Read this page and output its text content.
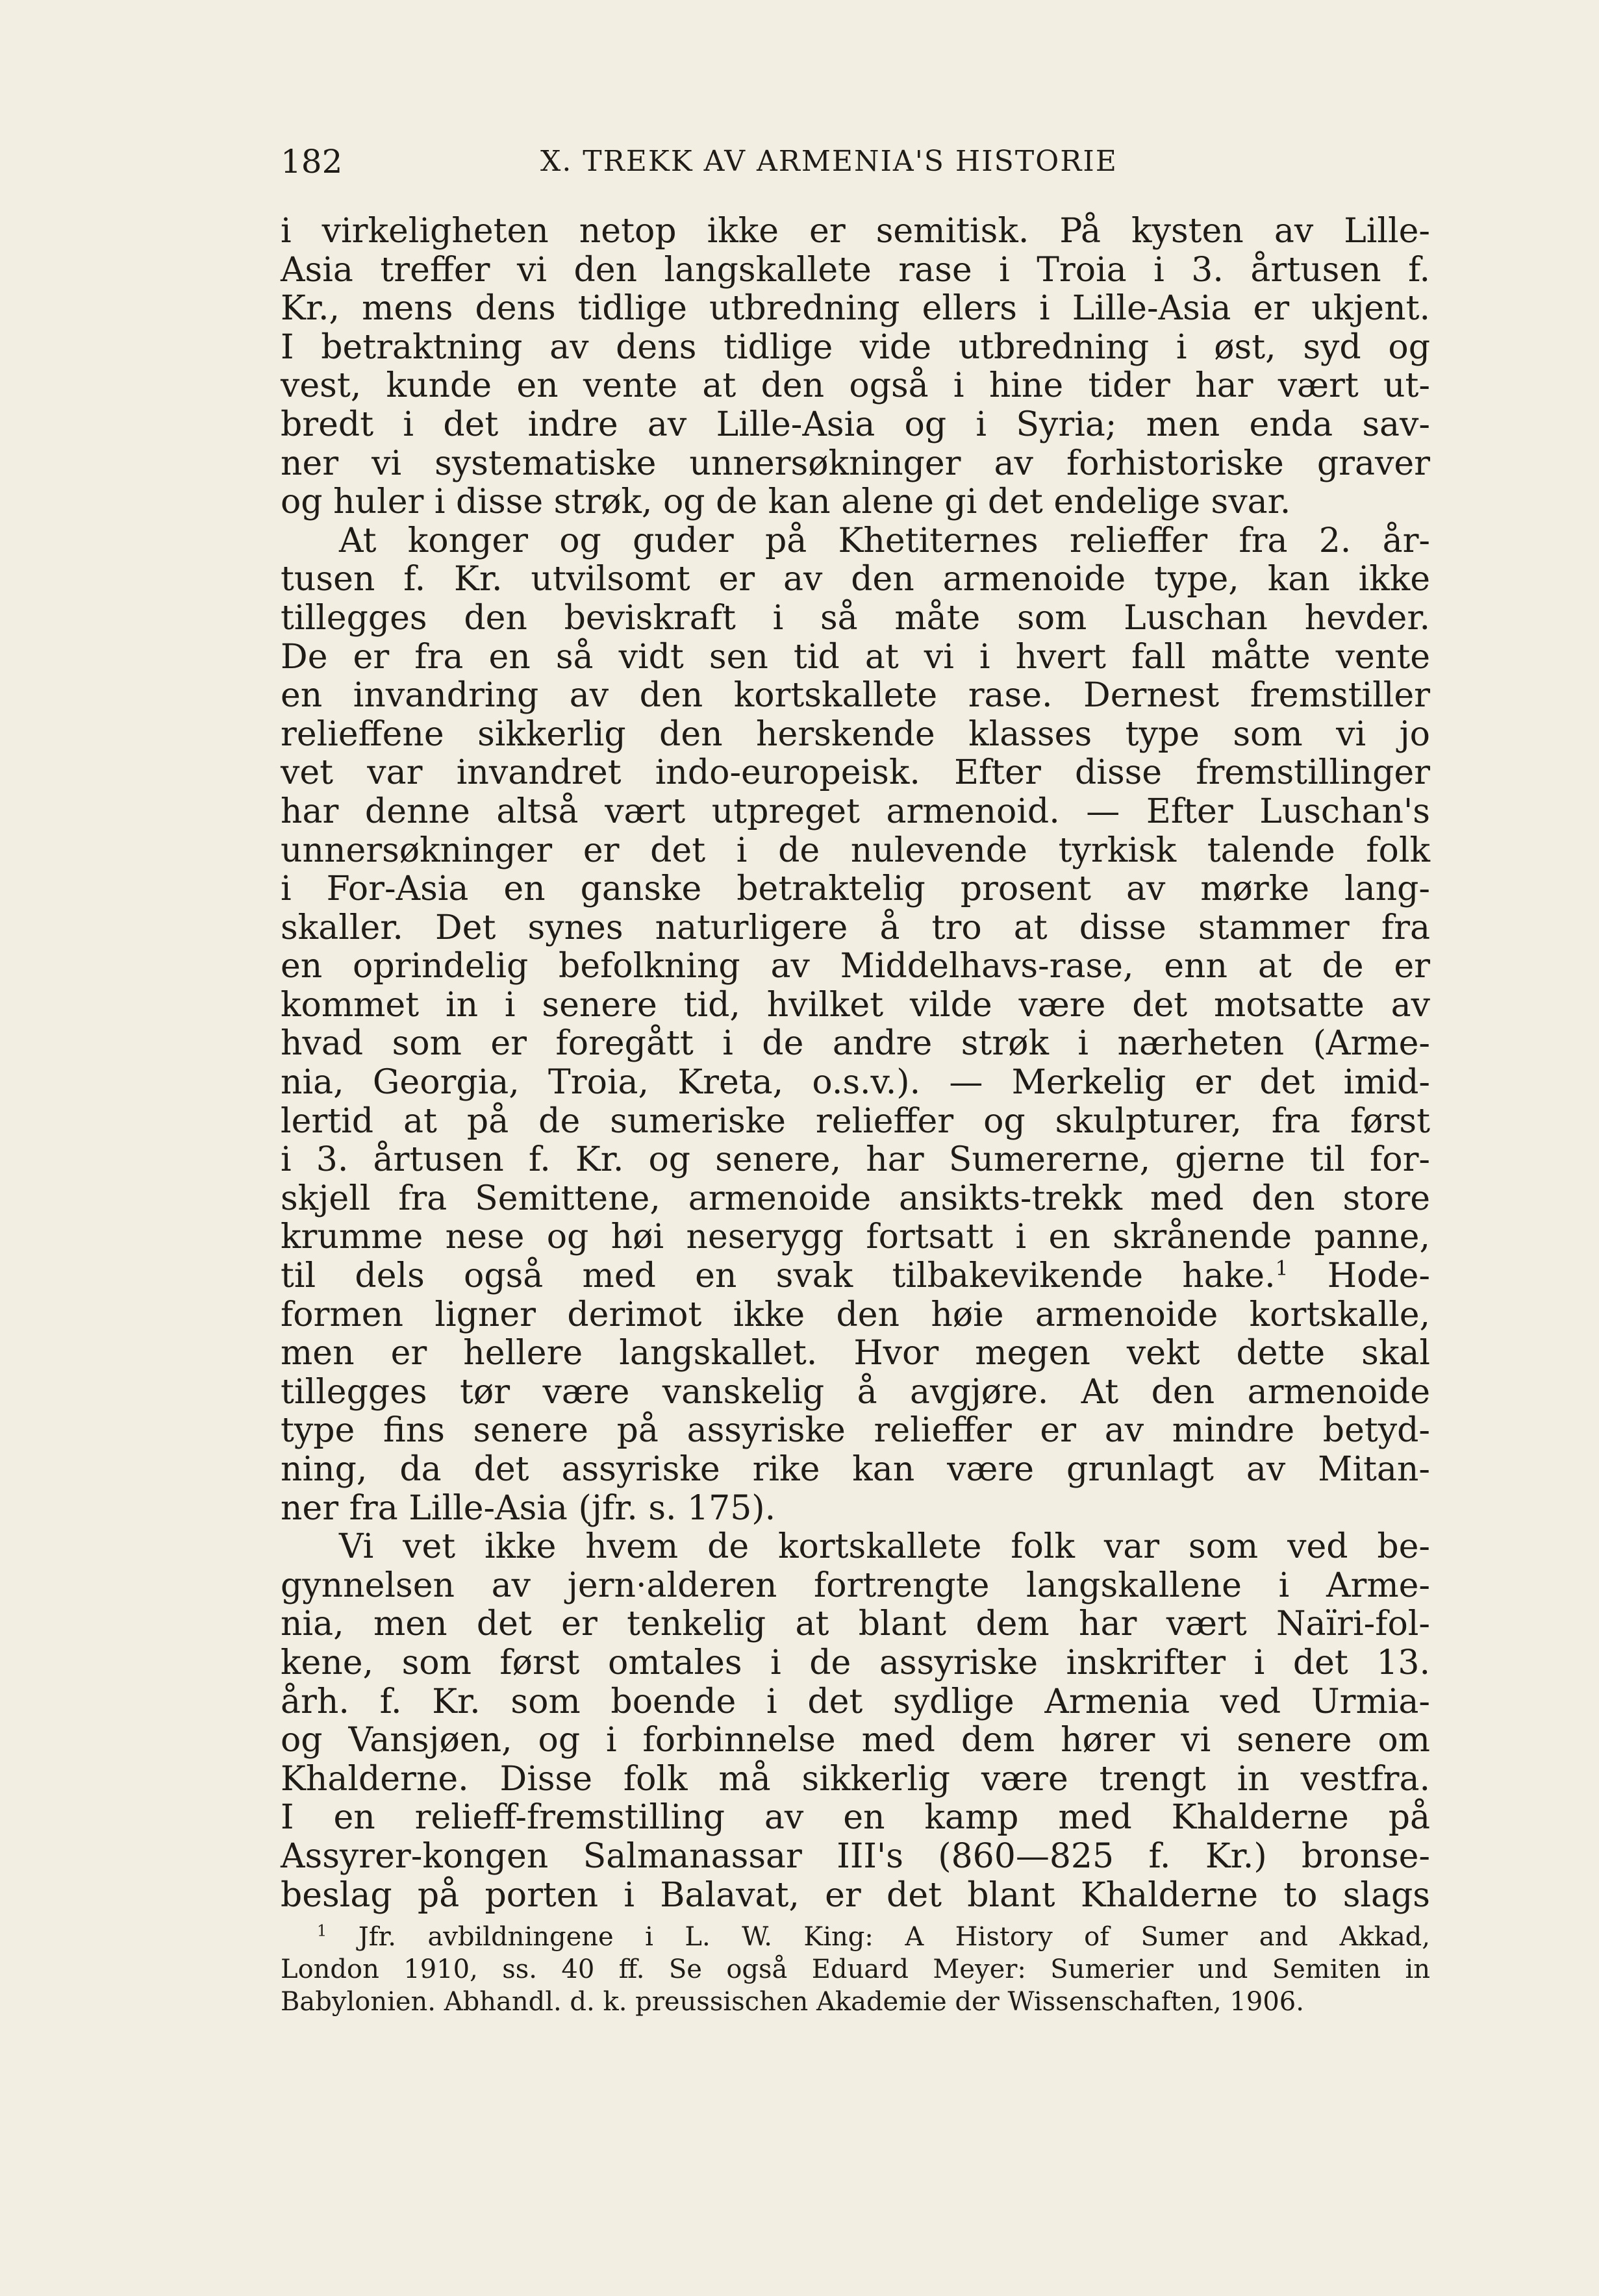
182	X. TREKK AV ARMENIA'S HISTORIE
i virkeligheten netop ikke er semitisk. På kysten av Lille-
Asia treffer vi den langskallete rase i Troia i 3. årtusen f.
Kr., mens dens tidlige utbredning ellers i Lille-Asia er ukjent.
I betraktning av dens tidlige vide utbredning i øst, syd og
vest, kunde en vente at den også i hine tider har vært ut-
bredt i det indre av Lille-Asia og i Syria; men enda sav-
ner vi systematiske unnersøkninger av forhistoriske graver
og huler i disse strøk, og de kan alene gi det endelige svar.
At konger og guder på Khetiternes relieffer fra 2. år-
tusen f. Kr. utvilsomt er av den armenoide type, kan ikke
tillegges den beviskraft i så måte som Luschan hevder.
De er fra en så vidt sen tid at vi i hvert fall måtte vente
en invandring av den kortskallete rase. Dernest fremstiller
relieffene sikkerlig den herskende klasses type som vi jo
vet var invandret indo-europeisk. Efter disse fremstillinger
har denne altså vært utpreget armenoid. — Efter Luschan's
unnersøkninger er det i de nulevende tyrkisk talende folk
i For-Asia en ganske betraktelig prosent av mørke lang-
skaller. Det synes naturligere å tro at disse stammer fra
en oprindelig befolkning av Middelhavs-rase, enn at de er
kommet in i senere tid, hvilket vilde være det motsatte av
hvad som er foregått i de andre strøk i nærheten (Arme-
nia, Georgia, Troia, Kreta, o.s.v.). — Merkelig er det imid-
lertid at på de sumeriske relieffer og skulpturer, fra først
i 3. årtusen f. Kr. og senere, har Sumererne, gjerne til for-
skjell fra Semittene, armenoide ansikts-trekk med den store
krumme nese og høi neserygg fortsatt i en skrånende panne,
til dels også med en svak tilbakevikende hake.$^1$ Hode-
formen ligner derimot ikke den høie armenoide kortskalle,
men er hellere langskallet. Hvor megen vekt dette skal
tillegges tør være vanskelig å avgjøre. At den armenoide
type fins senere på assyriske relieffer er av mindre betyd-
ning, da det assyriske rike kan være grunlagt av Mitan-
ner fra Lille-Asia (jfr. s. 175).
Vi vet ikke hvem de kortskallete folk var som ved be-
gynnelsen av jern·alderen fortrengte langskallene i Arme-
nia, men det er tenkelig at blant dem har vært Naïri-fol-
kene, som først omtales i de assyriske inskrifter i det 13.
årh. f. Kr. som boende i det sydlige Armenia ved Urmia-
og Vansjøen, og i forbinnelse med dem hører vi senere om
Khalderne. Disse folk må sikkerlig være trengt in vestfra.
I en relieff-fremstilling av en kamp med Khalderne på
Assyrer-kongen Salmanassar III's (860—825 f. Kr.) bronse-
beslag på porten i Balavat, er det blant Khalderne to slags
$^1$ Jfr. avbildningene i L. W. King: A History of Sumer and Akkad,
London 1910, ss. 40 ff. Se også Eduard Meyer: Sumerier und Semiten in
Babylonien. Abhandl. d. k. preussischen Akademie der Wissenschaften, 1906.
